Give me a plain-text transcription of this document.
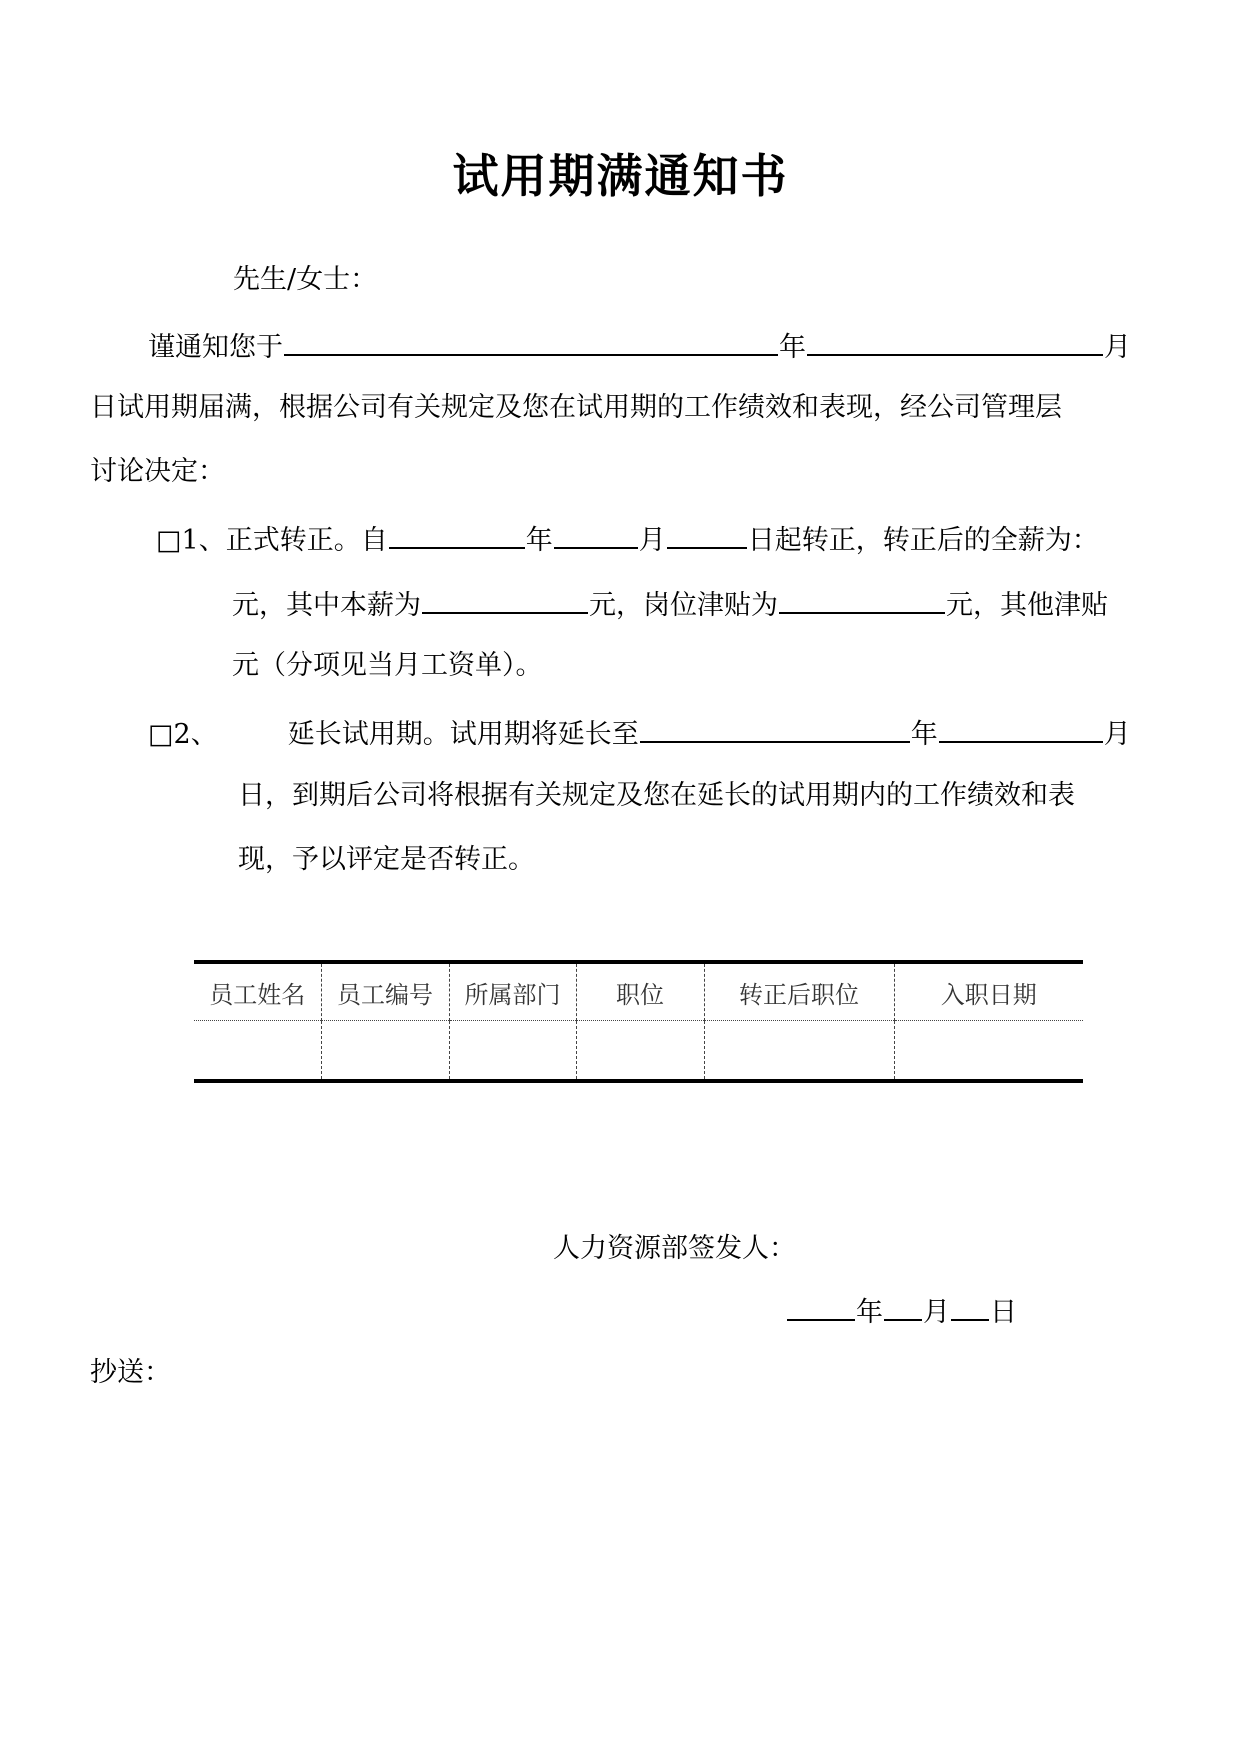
试用期满通知书
先生/女士：
谨通知您于	年	月
日试用期届满，根据公司有关规定及您在试用期的工作绩效和表现，经公司管理层
讨论决定：
□1、正式转正。自	年	月	日起转正，转正后的全薪为：
元，其中本薪为	元，岗位津贴为	元，其他津贴
元（分项见当月工资单）。
□2、	延长试用期。试用期将延长至	年	月
日，到期后公司将根据有关规定及您在延长的试用期内的工作绩效和表
现，予以评定是否转正。
员工姓名	员工编号	所属部门	职位	转正后职位	入职日期

人力资源部签发人：
年 月 日
抄送：
